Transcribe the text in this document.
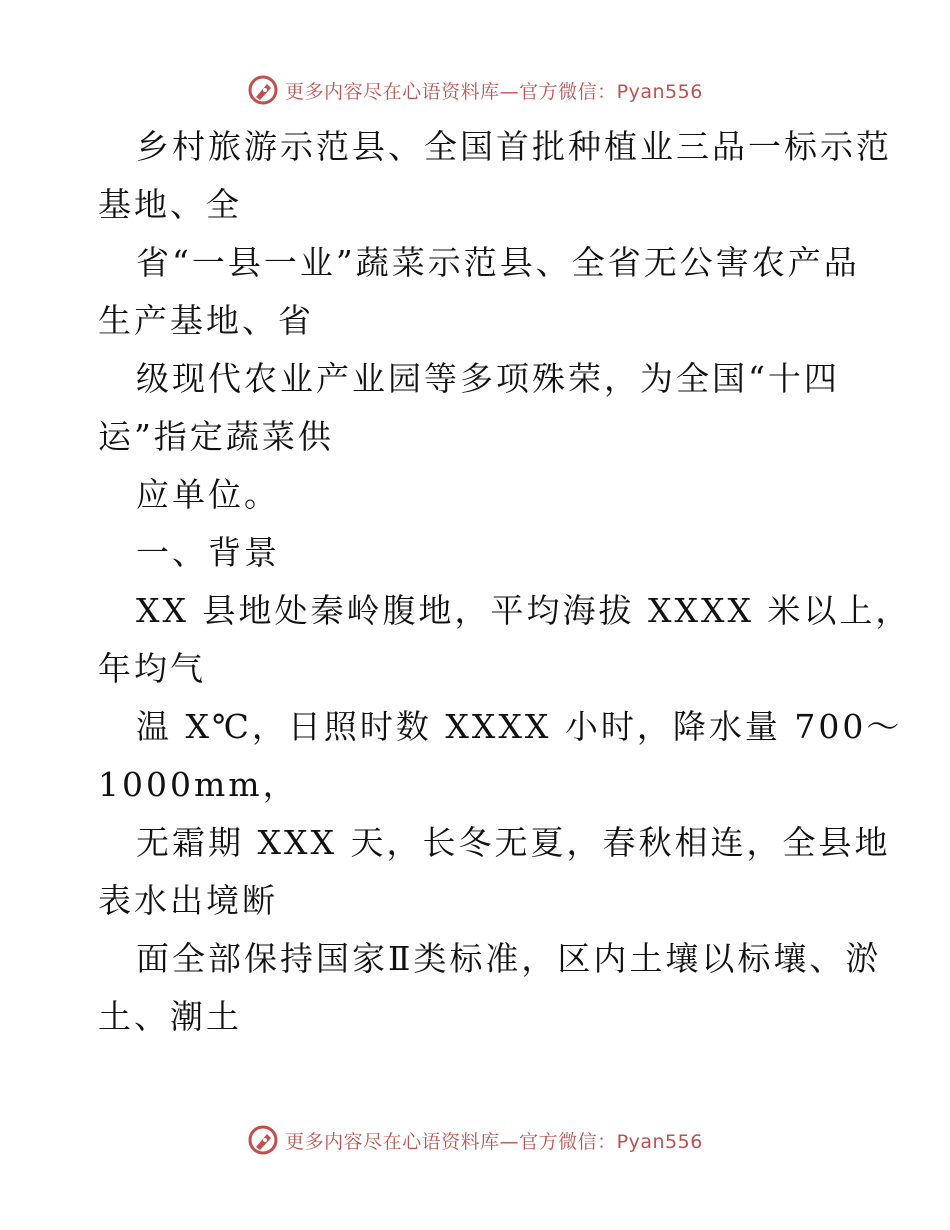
更多内容尽在心语资料库—官方微信：Pyan556
乡村旅游示范县、全国首批种植业三品一标示范
基地、全
省“一县一业”蔬菜示范县、全省无公害农产品
生产基地、省
级现代农业产业园等多项殊荣，为全国“十四
运”指定蔬菜供
应单位。
一、背景
XX 县地处秦岭腹地，平均海拔 XXXX 米以上，
年均气
温 X℃，日照时数 XXXX 小时，降水量 700～
1000mm，
无霜期 XXX 天，长冬无夏，春秋相连，全县地
表水出境断
面全部保持国家Ⅱ类标准，区内土壤以标壤、淤
土、潮土
更多内容尽在心语资料库—官方微信：Pyan556
